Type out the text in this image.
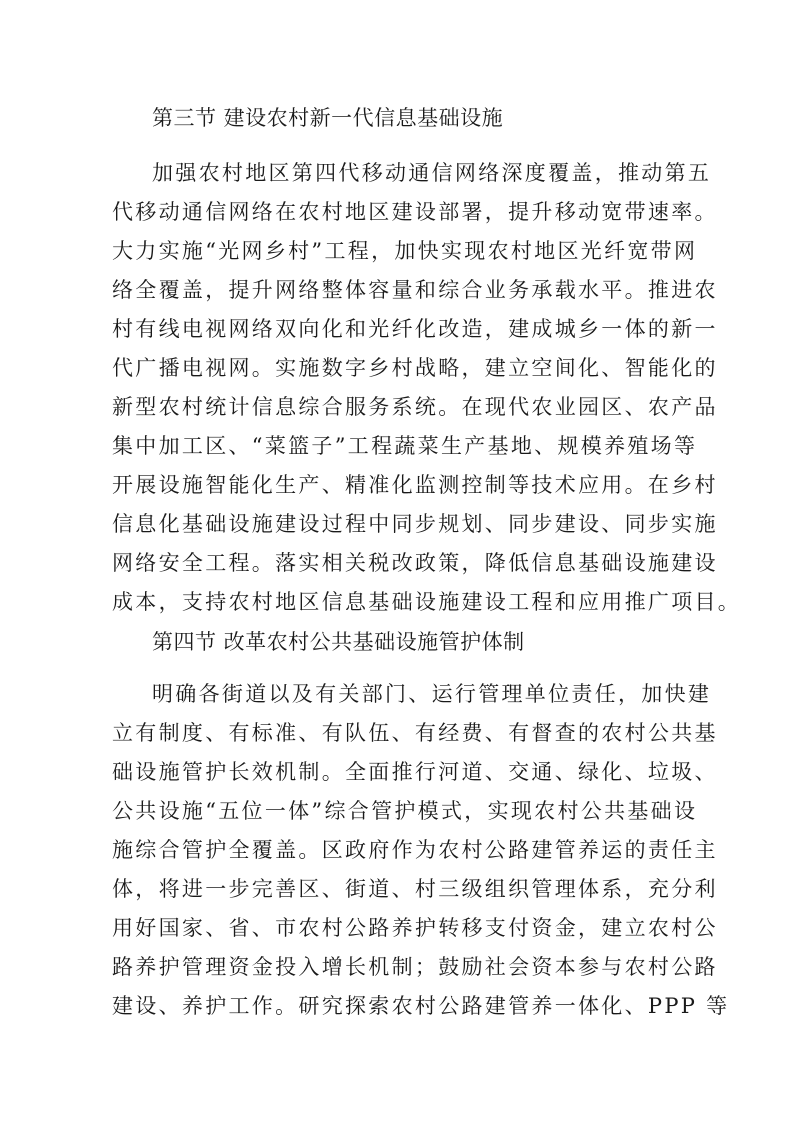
第三节 建设农村新一代信息基础设施
加强农村地区第四代移动通信网络深度覆盖，推动第五
代移动通信网络在农村地区建设部署，提升移动宽带速率。
大力实施“光网乡村”工程，加快实现农村地区光纤宽带网
络全覆盖，提升网络整体容量和综合业务承载水平。推进农
村有线电视网络双向化和光纤化改造，建成城乡一体的新一
代广播电视网。实施数字乡村战略，建立空间化、智能化的
新型农村统计信息综合服务系统。在现代农业园区、农产品
集中加工区、“菜篮子”工程蔬菜生产基地、规模养殖场等
开展设施智能化生产、精准化监测控制等技术应用。在乡村
信息化基础设施建设过程中同步规划、同步建设、同步实施
网络安全工程。落实相关税改政策，降低信息基础设施建设
成本，支持农村地区信息基础设施建设工程和应用推广项目。
第四节 改革农村公共基础设施管护体制
明确各街道以及有关部门、运行管理单位责任，加快建
立有制度、有标准、有队伍、有经费、有督查的农村公共基
础设施管护长效机制。全面推行河道、交通、绿化、垃圾、
公共设施“五位一体”综合管护模式，实现农村公共基础设
施综合管护全覆盖。区政府作为农村公路建管养运的责任主
体，将进一步完善区、街道、村三级组织管理体系，充分利
用好国家、省、市农村公路养护转移支付资金，建立农村公
路养护管理资金投入增长机制；鼓励社会资本参与农村公路
建设、养护工作。研究探索农村公路建管养一体化、PPP 等
